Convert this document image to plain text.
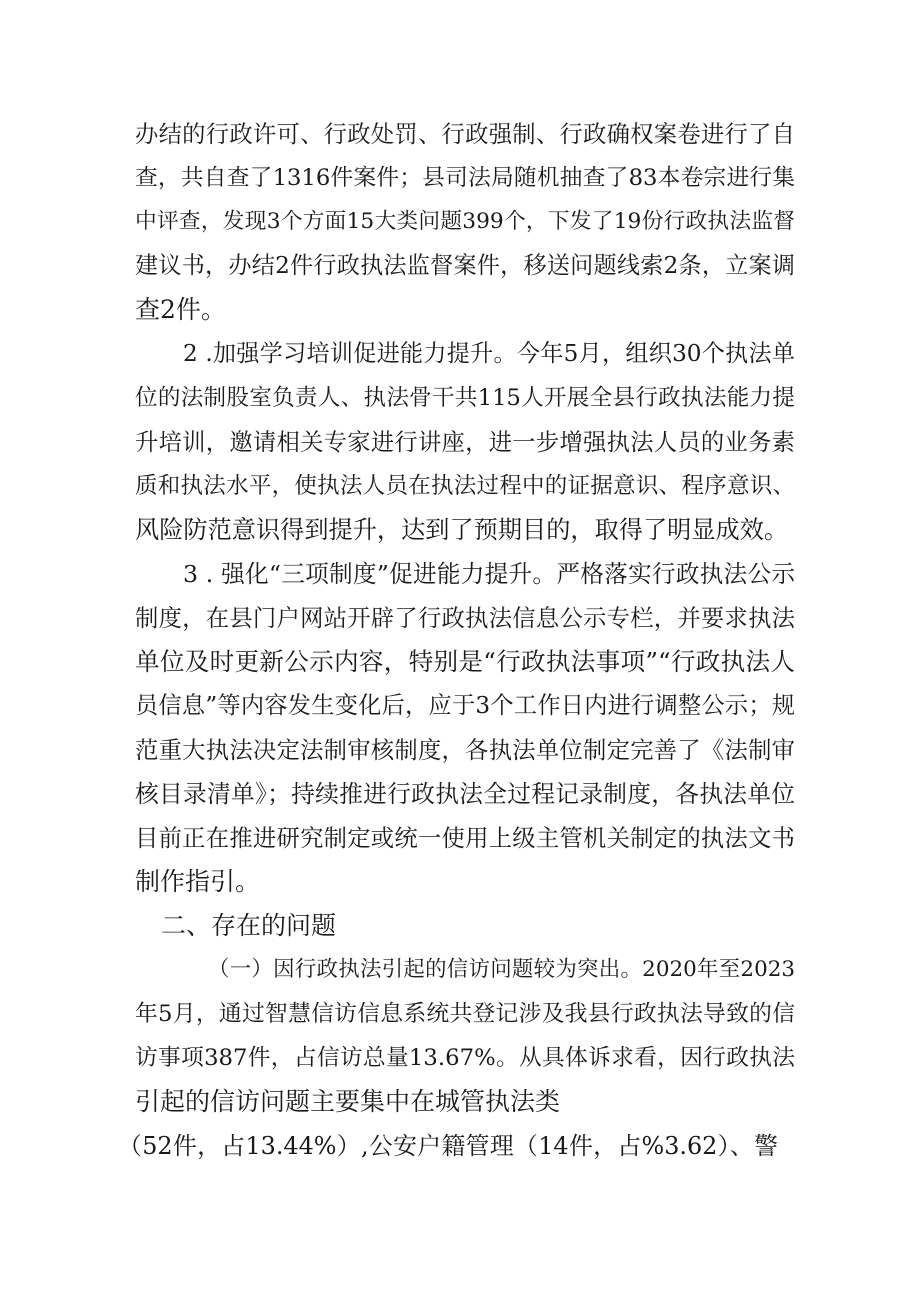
办结的行政许可、行政处罚、行政强制、行政确权案卷进行了自
查，共自查了1316件案件；县司法局随机抽查了83本卷宗进行集
中评查，发现3个方面15大类问题399个，下发了19份行政执法监督
建议书，办结2件行政执法监督案件，移送问题线索2条，立案调
查2件。
2 .加强学习培训促进能力提升。今年5月，组织30个执法单
位的法制股室负责人、执法骨干共115人开展全县行政执法能力提
升培训，邀请相关专家进行讲座，进一步增强执法人员的业务素
质和执法水平，使执法人员在执法过程中的证据意识、程序意识、
风险防范意识得到提升，达到了预期目的，取得了明显成效。
3 . 强化“三项制度”促进能力提升。严格落实行政执法公示
制度，在县门户网站开辟了行政执法信息公示专栏，并要求执法
单位及时更新公示内容，特别是“行政执法事项”“行政执法人
员信息”等内容发生变化后，应于3个工作日内进行调整公示；规
范重大执法决定法制审核制度，各执法单位制定完善了《法制审
核目录清单》；持续推进行政执法全过程记录制度，各执法单位
目前正在推进研究制定或统一使用上级主管机关制定的执法文书
制作指引。
二、存在的问题
（一）因行政执法引起的信访问题较为突出。2020年至2023
年5月，通过智慧信访信息系统共登记涉及我县行政执法导致的信
访事项387件，占信访总量13.67%。从具体诉求看，因行政执法
引起的信访问题主要集中在城管执法类
（52件，占13.44%）,公安户籍管理（14件，占%3.62）、警
